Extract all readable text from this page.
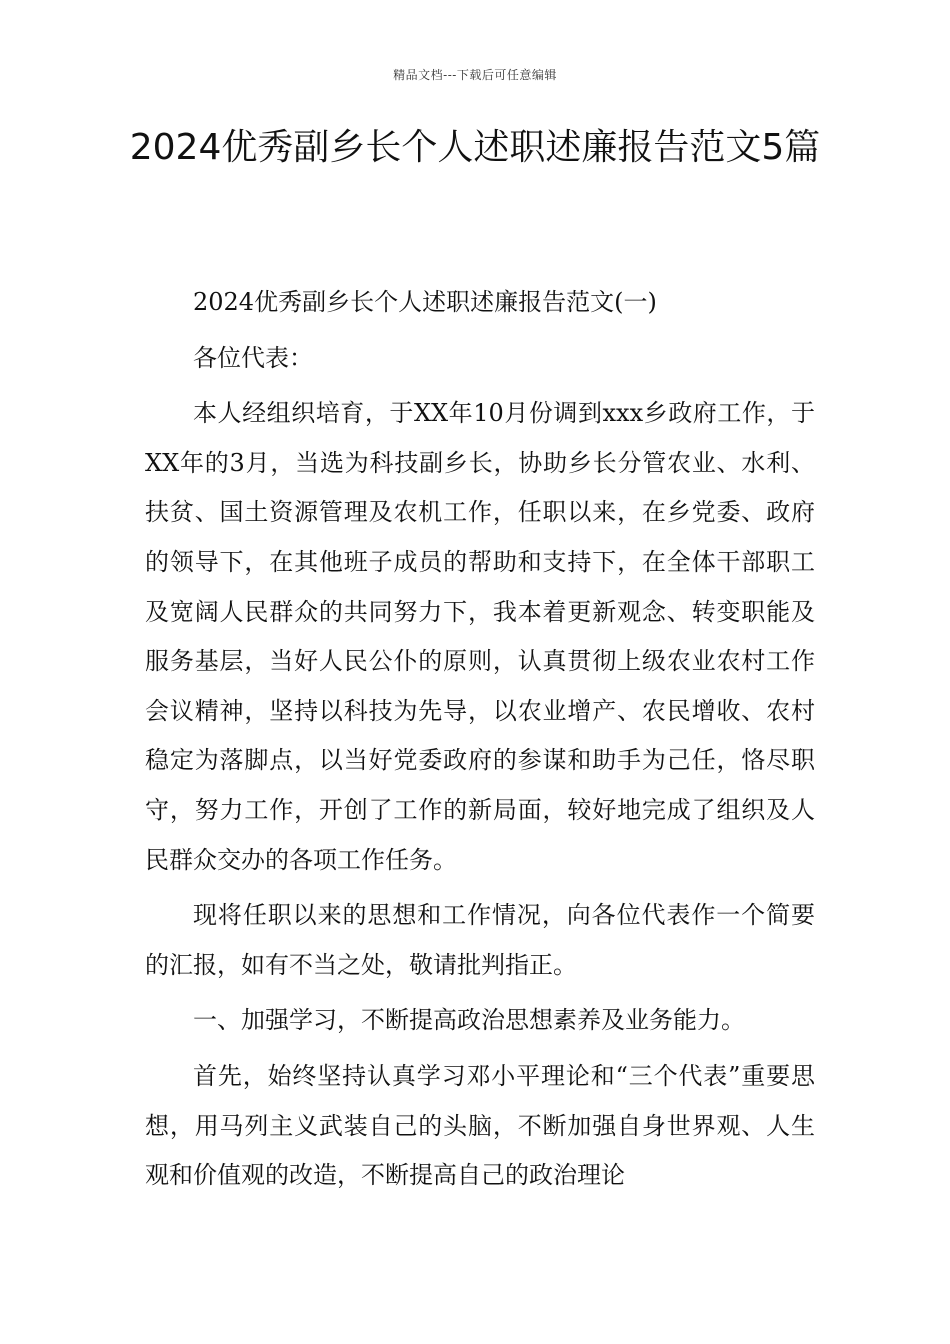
精品文档---下载后可任意编辑
2024优秀副乡长个人述职述廉报告范文5篇

2024优秀副乡长个人述职述廉报告范文(一)

各位代表：

本人经组织培育，于XX年10月份调到xxx乡政府工作，于XX年的3月，当选为科技副乡长，协助乡长分管农业、水利、扶贫、国土资源管理及农机工作，任职以来，在乡党委、政府的领导下，在其他班子成员的帮助和支持下，在全体干部职工及宽阔人民群众的共同努力下，我本着更新观念、转变职能及服务基层，当好人民公仆的原则，认真贯彻上级农业农村工作会议精神，坚持以科技为先导，以农业增产、农民增收、农村稳定为落脚点，以当好党委政府的参谋和助手为己任，恪尽职守，努力工作，开创了工作的新局面，较好地完成了组织及人民群众交办的各项工作任务。

现将任职以来的思想和工作情况，向各位代表作一个简要的汇报，如有不当之处，敬请批判指正。

一、加强学习，不断提高政治思想素养及业务能力。

首先，始终坚持认真学习邓小平理论和“三个代表”重要思想，用马列主义武装自己的头脑，不断加强自身世界观、人生观和价值观的改造，不断提高自己的政治理论
